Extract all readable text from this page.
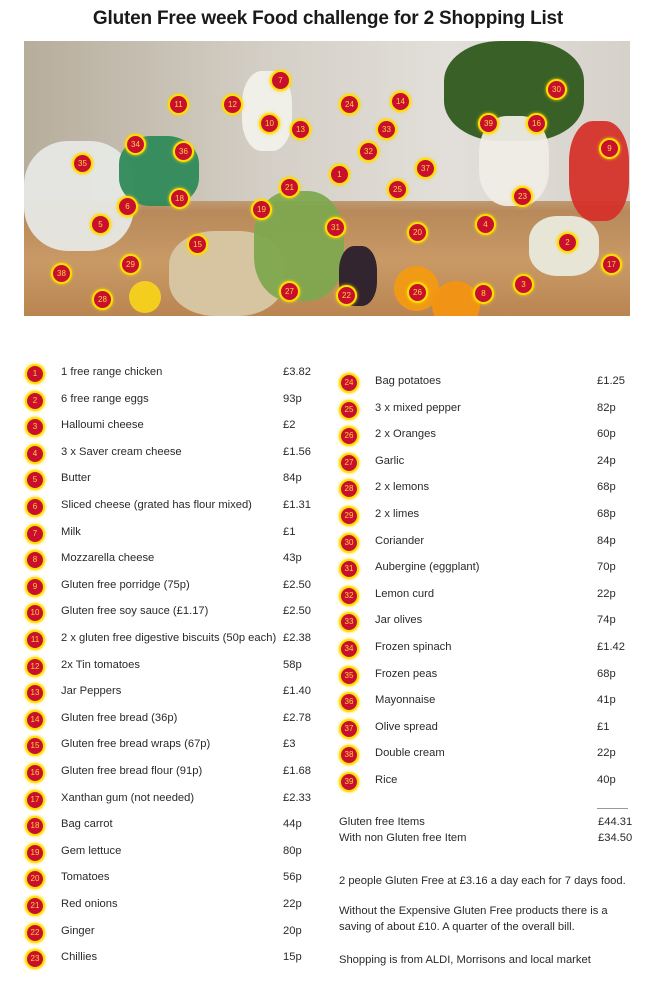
Gluten Free week Food challenge for 2 Shopping List
1
2
3
4
5
6
7
8
9
10
11	12
13
14
15
16
17
18
19
20
21
22
23
24
25
26
27
28
29
30
31
32
33
34
35
36
37
38
39
1	1 free range chicken	£3.82
2	6 free range eggs	93p
3	Halloumi cheese	£2
4	3 x Saver cream cheese	£1.56
5	Butter	84p
6	Sliced cheese (grated has flour mixed)	£1.31
7	Milk	£1
8	Mozzarella cheese	43p
9	Gluten free porridge (75p)	£2.50
10	Gluten free soy sauce (£1.17)	£2.50
11	2 x gluten free digestive biscuits (50p each) £2.38
12	2x Tin tomatoes	58p
13	Jar Peppers	£1.40
14	Gluten free bread (36p)	£2.78
15	Gluten free bread wraps (67p)	£3
16	Gluten free bread flour (91p)	£1.68
17	Xanthan gum (not needed)	£2.33
18	Bag carrot	44p
19	Gem lettuce	80p
20	Tomatoes	56p
21	Red onions	22p
22	Ginger	20p
23	Chillies	15p
24	Bag potatoes	£1.25
25	3 x mixed pepper	82p
26	2 x Oranges	60p
27	Garlic	24p
28	2 x lemons	68p
29	2 x limes	68p
30	Coriander	84p
31	Aubergine (eggplant)	70p
32	Lemon curd	22p
33	Jar olives	74p
34	Frozen spinach	£1.42
35	Frozen peas	68p
36	Mayonnaise	41p
37	Olive spread	£1
38	Double cream	22p
39	Rice	40p
Gluten free Items	£44.31
With non Gluten free Item	£34.50
2 people Gluten Free at £3.16 a day each for 7 days food.
Without the Expensive Gluten Free products there is a saving of about £10. A quarter of the overall bill.
Shopping is from ALDI, Morrisons and local market
